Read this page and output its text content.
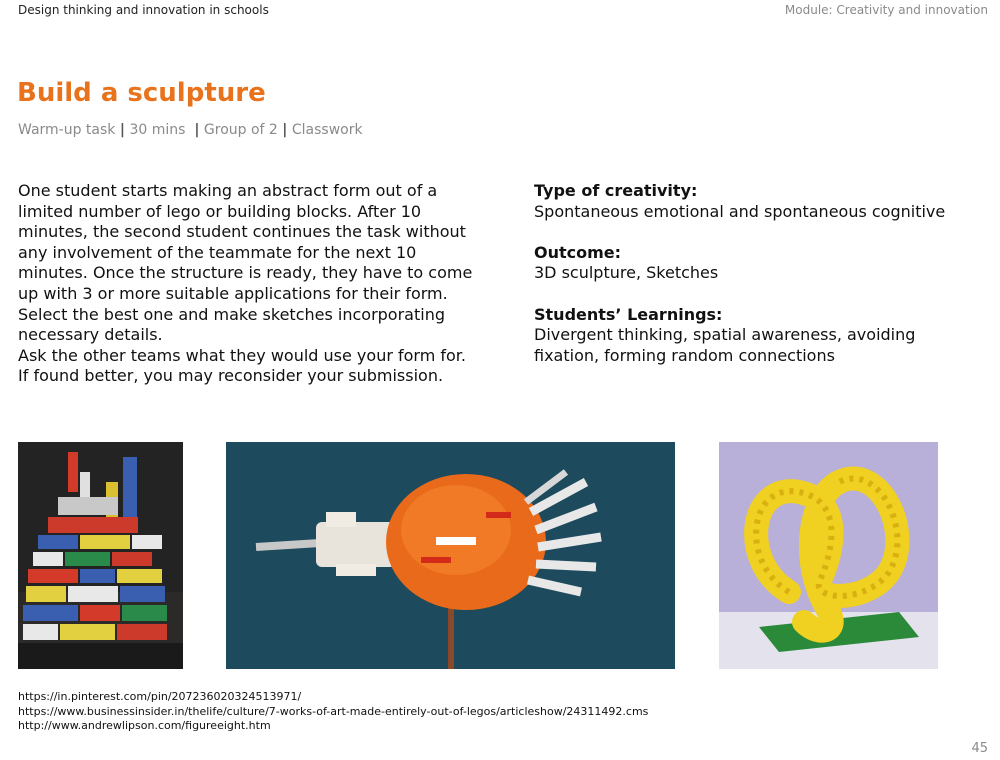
Design thinking and innovation in schools	Module: Creativity and innovation
Build a sculpture
Warm-up task | 30 mins | Group of 2 | Classwork

One student starts making an abstract form out of a limited number of lego or building blocks. After 10 minutes, the second student continues the task without any involvement of the teammate for the next 10 minutes. Once the structure is ready, they have to come up with 3 or more suitable applications for their form. Select the best one and make sketches incorporating necessary details.

Ask the other teams what they would use your form for. If found better, you may reconsider your submission.

Type of creativity:
Spontaneous emotional and spontaneous cognitive
Outcome:
3D sculpture, Sketches
Students’ Learnings:
Divergent thinking, spatial awareness, avoiding fixation, forming random connections
https://in.pinterest.com/pin/207236020324513971/
https://www.businessinsider.in/thelife/culture/7-works-of-art-made-entirely-out-of-legos/articleshow/24311492.cms
http://www.andrewlipson.com/figureeight.htm
45
